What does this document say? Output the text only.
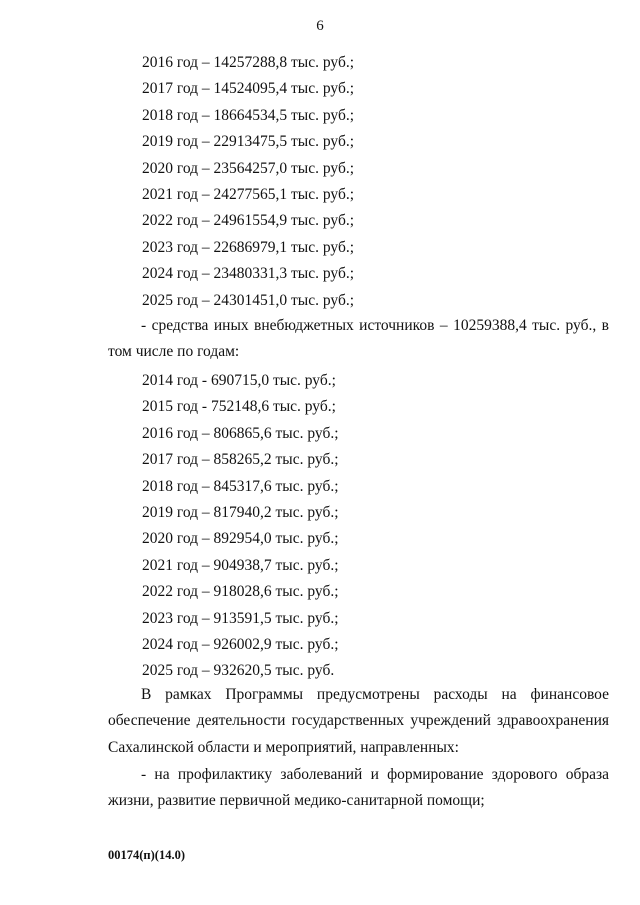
6
2016 год – 14257288,8 тыс. руб.;
2017 год – 14524095,4 тыс. руб.;
2018 год – 18664534,5 тыс. руб.;
2019 год – 22913475,5 тыс. руб.;
2020 год – 23564257,0 тыс. руб.;
2021 год – 24277565,1 тыс. руб.;
2022 год – 24961554,9 тыс. руб.;
2023 год – 22686979,1 тыс. руб.;
2024 год – 23480331,3 тыс. руб.;
2025 год – 24301451,0 тыс. руб.;
- средства иных внебюджетных источников – 10259388,4 тыс. руб., в том числе по годам:
2014 год - 690715,0 тыс. руб.;
2015 год - 752148,6 тыс. руб.;
2016 год – 806865,6 тыс. руб.;
2017 год – 858265,2 тыс. руб.;
2018 год – 845317,6 тыс. руб.;
2019 год – 817940,2 тыс. руб.;
2020 год – 892954,0 тыс. руб.;
2021 год – 904938,7 тыс. руб.;
2022 год – 918028,6 тыс. руб.;
2023 год – 913591,5 тыс. руб.;
2024 год – 926002,9 тыс. руб.;
2025 год – 932620,5 тыс. руб.
В рамках Программы предусмотрены расходы на финансовое обеспечение деятельности государственных учреждений здравоохранения Сахалинской области и мероприятий, направленных:
- на профилактику заболеваний и формирование здорового образа жизни, развитие первичной медико-санитарной помощи;
00174(п)(14.0)
